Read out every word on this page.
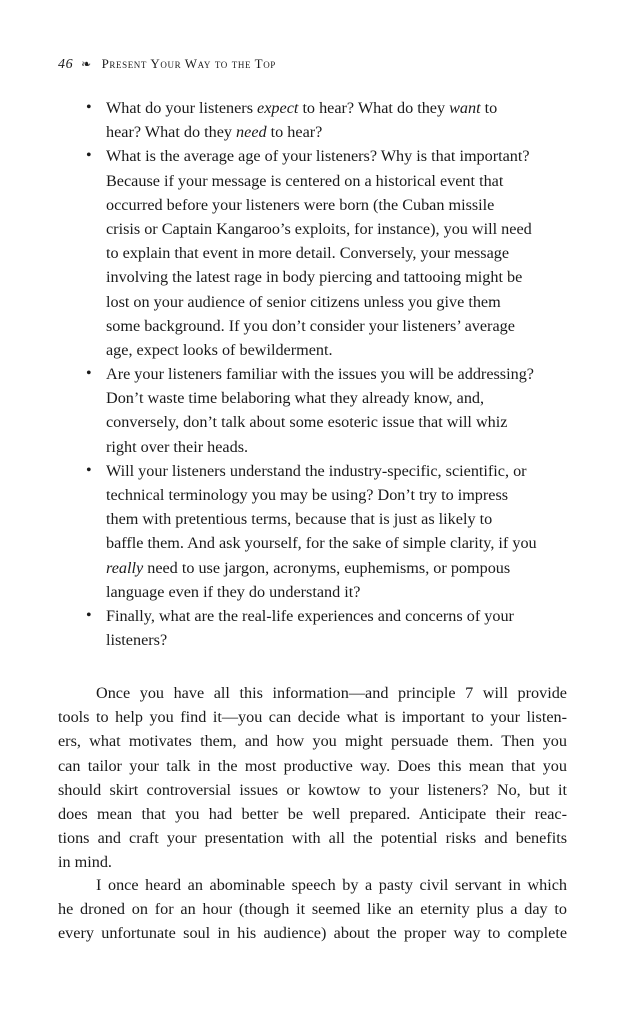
46 ❧ Present Your Way to the Top
• What do your listeners expect to hear? What do they want to
hear? What do they need to hear?
• What is the average age of your listeners? Why is that important?
Because if your message is centered on a historical event that
occurred before your listeners were born (the Cuban missile
crisis or Captain Kangaroo’s exploits, for instance), you will need
to explain that event in more detail. Conversely, your message
involving the latest rage in body piercing and tattooing might be
lost on your audience of senior citizens unless you give them
some background. If you don’t consider your listeners’ average
age, expect looks of bewilderment.
• Are your listeners familiar with the issues you will be addressing?
Don’t waste time belaboring what they already know, and,
conversely, don’t talk about some esoteric issue that will whiz
right over their heads.
• Will your listeners understand the industry-specific, scientific, or
technical terminology you may be using? Don’t try to impress
them with pretentious terms, because that is just as likely to
baffle them. And ask yourself, for the sake of simple clarity, if you
really need to use jargon, acronyms, euphemisms, or pompous
language even if they do understand it?
• Finally, what are the real-life experiences and concerns of your
listeners?
Once you have all this information—and principle 7 will provide
tools to help you find it—you can decide what is important to your listen-
ers, what motivates them, and how you might persuade them. Then you
can tailor your talk in the most productive way. Does this mean that you
should skirt controversial issues or kowtow to your listeners? No, but it
does mean that you had better be well prepared. Anticipate their reac-
tions and craft your presentation with all the potential risks and benefits
in mind.
I once heard an abominable speech by a pasty civil servant in which
he droned on for an hour (though it seemed like an eternity plus a day to
every unfortunate soul in his audience) about the proper way to complete
